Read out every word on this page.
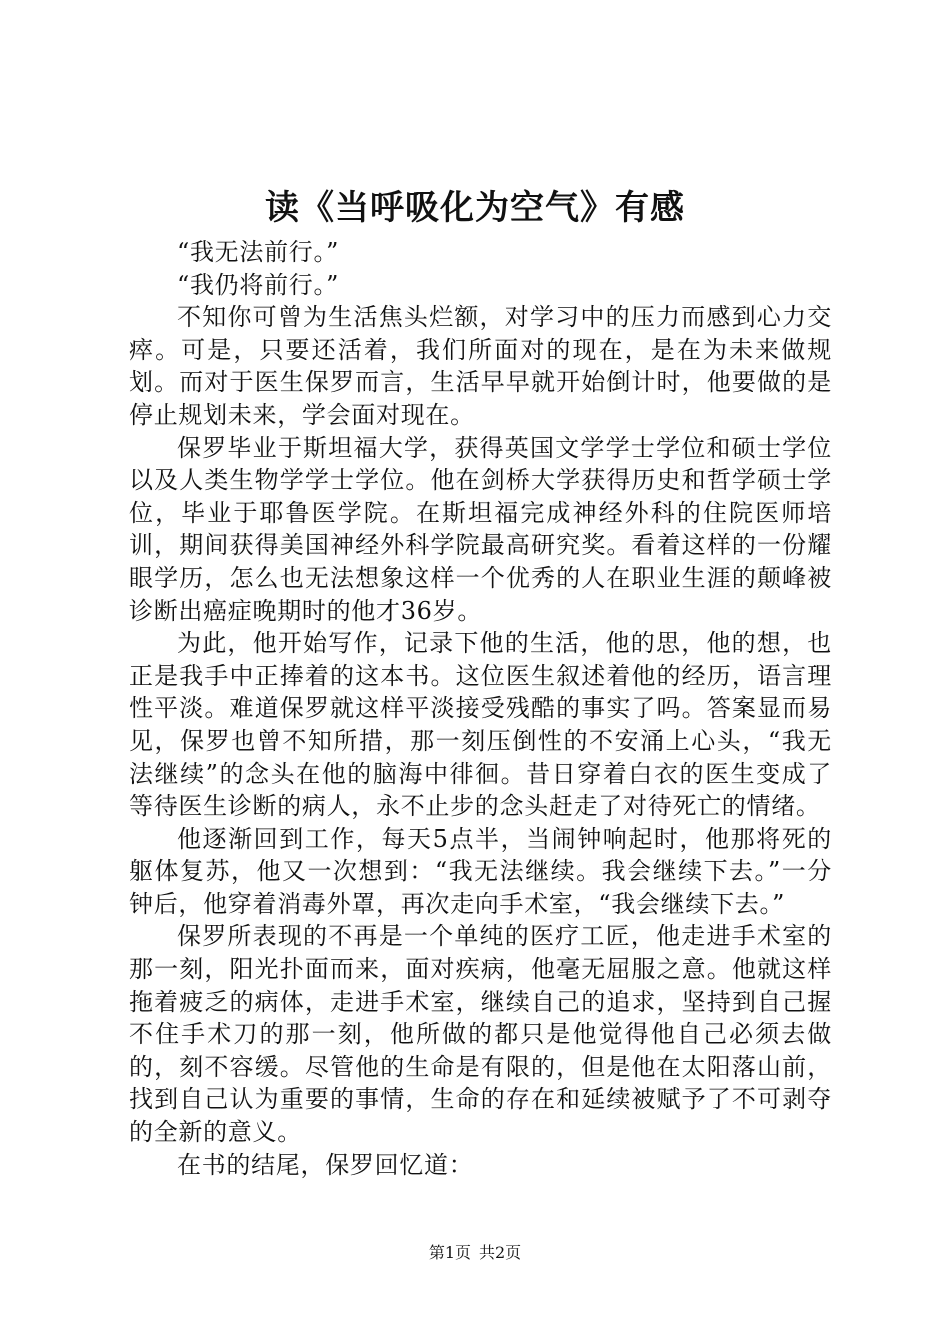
读《当呼吸化为空气》有感

“我无法前行。”

“我仍将前行。”

不知你可曾为生活焦头烂额，对学习中的压力而感到心力交瘁。可是，只要还活着，我们所面对的现在，是在为未来做规划。而对于医生保罗而言，生活早早就开始倒计时，他要做的是停止规划未来，学会面对现在。

保罗毕业于斯坦福大学，获得英国文学学士学位和硕士学位以及人类生物学学士学位。他在剑桥大学获得历史和哲学硕士学位，毕业于耶鲁医学院。在斯坦福完成神经外科的住院医师培训，期间获得美国神经外科学院最高研究奖。看着这样的一份耀眼学历，怎么也无法想象这样一个优秀的人在职业生涯的颠峰被诊断出癌症晚期时的他才36岁。

为此，他开始写作，记录下他的生活，他的思，他的想，也正是我手中正捧着的这本书。这位医生叙述着他的经历，语言理性平淡。难道保罗就这样平淡接受残酷的事实了吗。答案显而易见，保罗也曾不知所措，那一刻压倒性的不安涌上心头，“我无法继续”的念头在他的脑海中徘徊。昔日穿着白衣的医生变成了等待医生诊断的病人，永不止步的念头赶走了对待死亡的情绪。

他逐渐回到工作，每天5点半，当闹钟响起时，他那将死的躯体复苏，他又一次想到：“我无法继续。我会继续下去。”一分钟后，他穿着消毒外罩，再次走向手术室，“我会继续下去。”

保罗所表现的不再是一个单纯的医疗工匠，他走进手术室的那一刻，阳光扑面而来，面对疾病，他毫无屈服之意。他就这样拖着疲乏的病体，走进手术室，继续自己的追求，坚持到自己握不住手术刀的那一刻，他所做的都只是他觉得他自己必须去做的，刻不容缓。尽管他的生命是有限的，但是他在太阳落山前，找到自己认为重要的事情，生命的存在和延续被赋予了不可剥夺的全新的意义。

在书的结尾，保罗回忆道：

第1页 共2页
